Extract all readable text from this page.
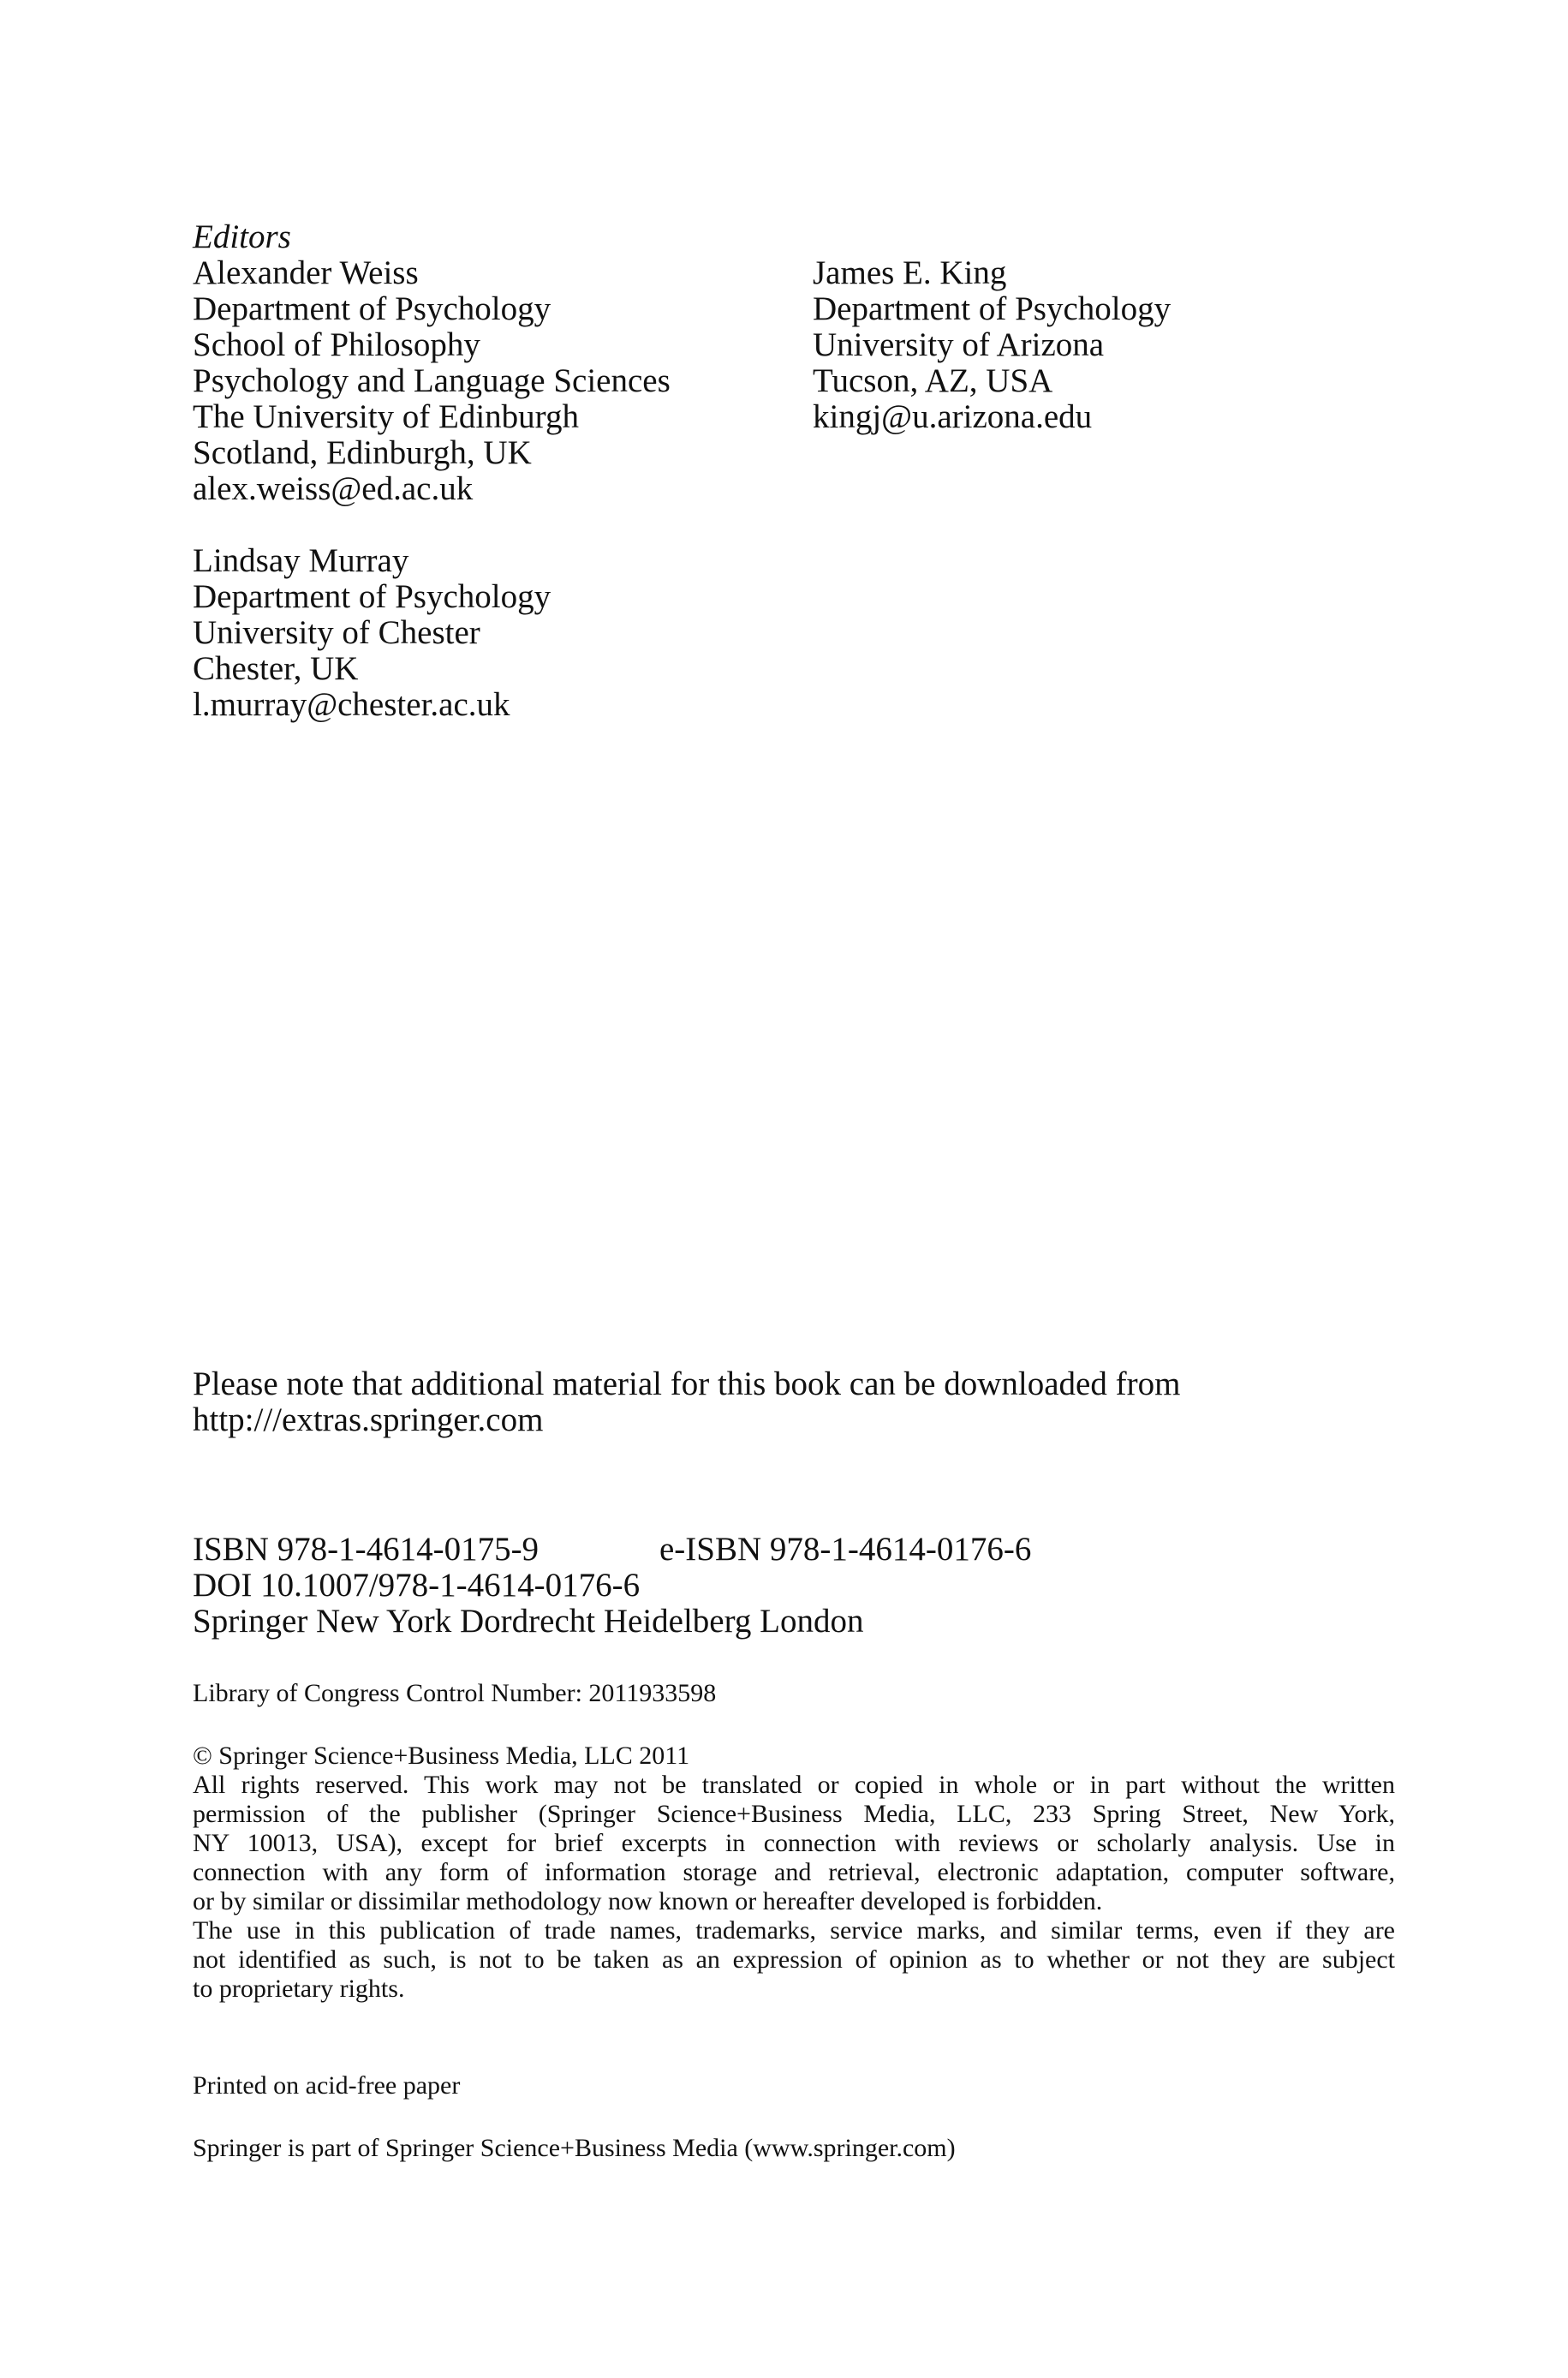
Editors
Alexander Weiss
Department of Psychology
School of Philosophy
Psychology and Language Sciences
The University of Edinburgh
Scotland, Edinburgh, UK
alex.weiss@ed.ac.uk
James E. King
Department of Psychology
University of Arizona
Tucson, AZ, USA
kingj@u.arizona.edu
Lindsay Murray
Department of Psychology
University of Chester
Chester, UK
l.murray@chester.ac.uk
Please note that additional material for this book can be downloaded from
http:///extras.springer.com
ISBN 978-1-4614-0175-9	e-ISBN 978-1-4614-0176-6
DOI 10.1007/978-1-4614-0176-6
Springer New York Dordrecht Heidelberg London
Library of Congress Control Number: 2011933598
© Springer Science+Business Media, LLC 2011
All rights reserved. This work may not be translated or copied in whole or in part without the written
permission of the publisher (Springer Science+Business Media, LLC, 233 Spring Street, New York,
NY 10013, USA), except for brief excerpts in connection with reviews or scholarly analysis. Use in
connection with any form of information storage and retrieval, electronic adaptation, computer software,
or by similar or dissimilar methodology now known or hereafter developed is forbidden.
The use in this publication of trade names, trademarks, service marks, and similar terms, even if they are
not identified as such, is not to be taken as an expression of opinion as to whether or not they are subject
to proprietary rights.
Printed on acid-free paper
Springer is part of Springer Science+Business Media (www.springer.com)
